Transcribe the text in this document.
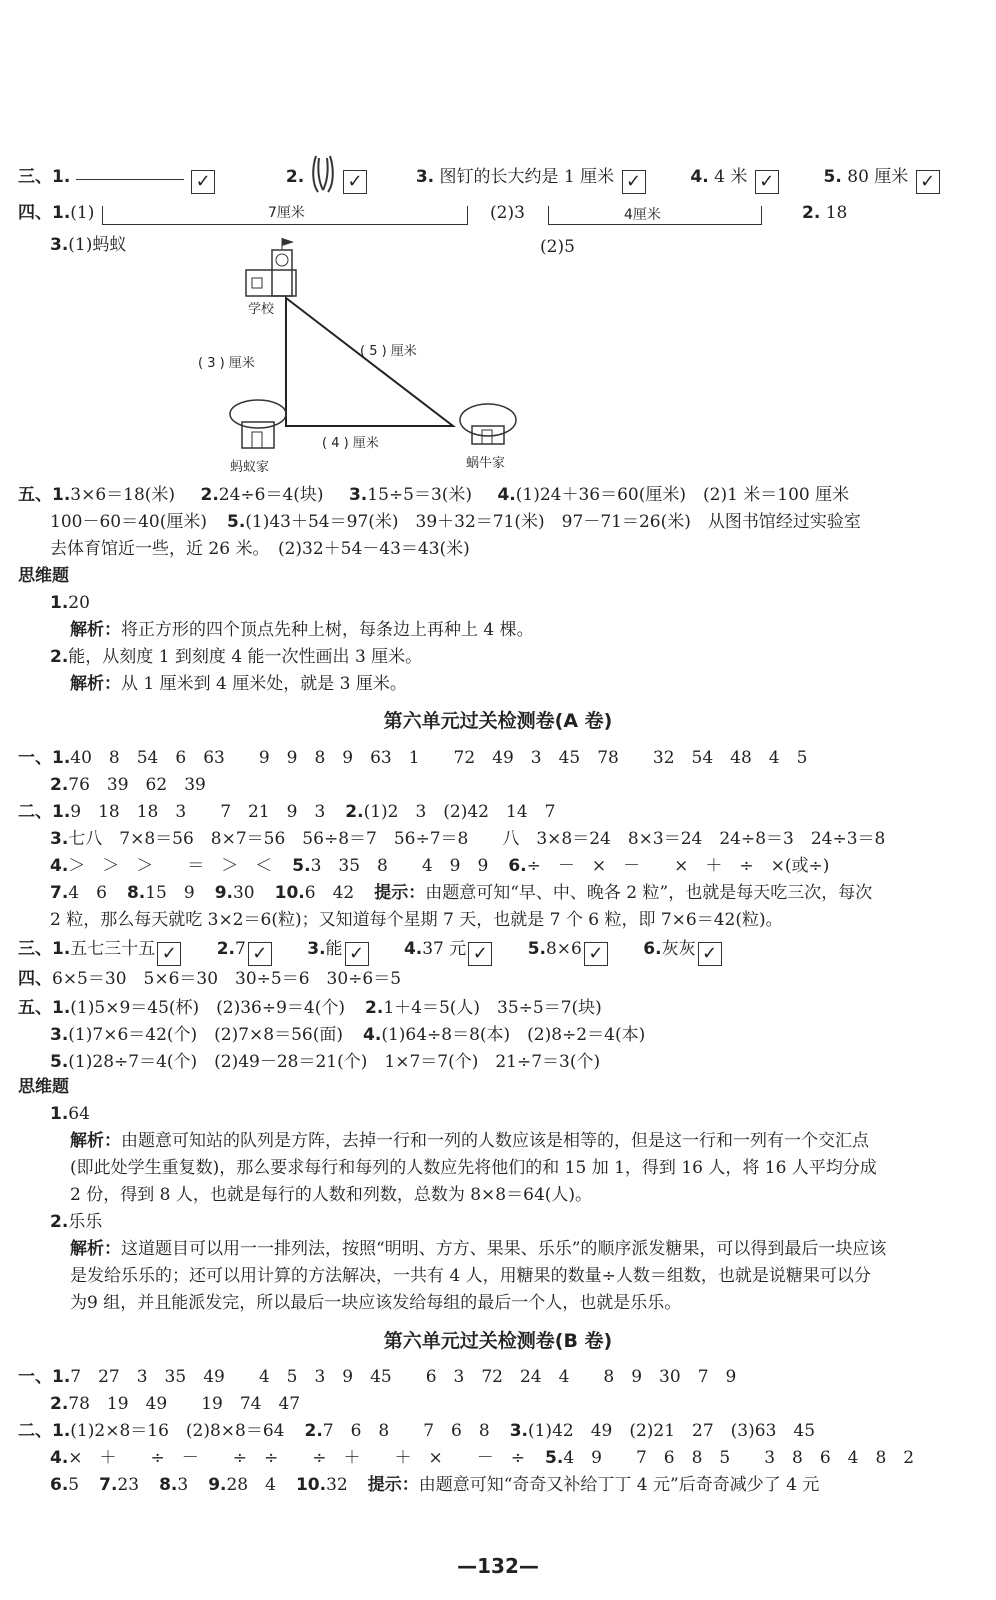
三、1.	✓	2. ✓	3. 图钉的长大约是 1 厘米 ✓	4. 4 米 ✓	5. 80 厘米 ✓
四、1.(1)	7厘米	(2)3	4厘米	2. 18
3.(1)蚂蚁	(2)5
学校
蚂蚁家	蜗牛家
( 3 ) 厘米
( 5 ) 厘米
( 4 ) 厘米
五、1.3×6＝18(米) 2.24÷6＝4(块) 3.15÷5＝3(米) 4.(1)24＋36＝60(厘米)　(2)1 米＝100 厘米
100－60＝40(厘米) 5.(1)43＋54＝97(米)　39＋32＝71(米)　97－71＝26(米)　从图书馆经过实验室
去体育馆近一些，近 26 米。　(2)32＋54－43＝43(米)
思维题
1.20
解析：将正方形的四个顶点先种上树，每条边上再种上 4 棵。
2.能，从刻度 1 到刻度 4 能一次性画出 3 厘米。
解析：从 1 厘米到 4 厘米处，就是 3 厘米。
第六单元过关检测卷(A 卷)
一、1.40　8　54　6　63　　9　9　8　9　63　1　　72　49　3　45　78　　32　54　48　4　5
2.76　39　62　39
二、1.9　18　18　3　　7　21　9　3 2.(1)2　3　(2)42　14　7
3.七八　7×8＝56　8×7＝56　56÷8＝7　56÷7＝8　　八　3×8＝24　8×3＝24　24÷8＝3　24÷3＝8
4.＞　＞　＞　　＝　＞　＜ 5.3　35　8　　4　9　9 6.÷　－　×　－　　×　＋　÷　×(或÷)
7.4　6 8.15　9 9.30 10.6　42 提示：由题意可知“早、中、晚各 2 粒”，也就是每天吃三次，每次
2 粒，那么每天就吃 3×2＝6(粒)；又知道每个星期 7 天，也就是 7 个 6 粒，即 7×6＝42(粒)。
三、1.五七三十五 ✓ 2.7 ✓ 3.能 ✓ 4.37 元 ✓ 5.8×6 ✓ 6.灰灰 ✓
四、6×5＝30　5×6＝30　30÷5＝6　30÷6＝5
五、1.(1)5×9＝45(杯)　(2)36÷9＝4(个) 2.1＋4＝5(人)　35÷5＝7(块)
3.(1)7×6＝42(个)　(2)7×8＝56(面) 4.(1)64÷8＝8(本)　(2)8÷2＝4(本)
5.(1)28÷7＝4(个)　(2)49－28＝21(个)　1×7＝7(个)　21÷7＝3(个)
思维题
1.64
解析：由题意可知站的队列是方阵，去掉一行和一列的人数应该是相等的，但是这一行和一列有一个交汇点
(即此处学生重复数)，那么要求每行和每列的人数应先将他们的和 15 加 1，得到 16 人，将 16 人平均分成
2 份，得到 8 人，也就是每行的人数和列数，总数为 8×8＝64(人)。
2.乐乐
解析：这道题目可以用一一排列法，按照“明明、方方、果果、乐乐”的顺序派发糖果，可以得到最后一块应该
是发给乐乐的；还可以用计算的方法解决，一共有 4 人，用糖果的数量÷人数＝组数，也就是说糖果可以分
为9 组，并且能派发完，所以最后一块应该发给每组的最后一个人，也就是乐乐。
第六单元过关检测卷(B 卷)
一、1.7　27　3　35　49　　4　5　3　9　45　　6　3　72　24　4　　8　9　30　7　9
2.78　19　49　　19　74　47
二、1.(1)2×8＝16　(2)8×8＝64 2.7　6　8　　7　6　8 3.(1)42　49　(2)21　27　(3)63　45
4.×　＋　　÷　－　　÷　÷　　÷　＋　　＋　×　　－　÷ 5.4　9　　7　6　8　5　　3　8　6　4　8　2
6.5 7.23 8.3 9.28　4 10.32 提示：由题意可知“奇奇又补给丁丁 4 元”后奇奇减少了 4 元
—132—
